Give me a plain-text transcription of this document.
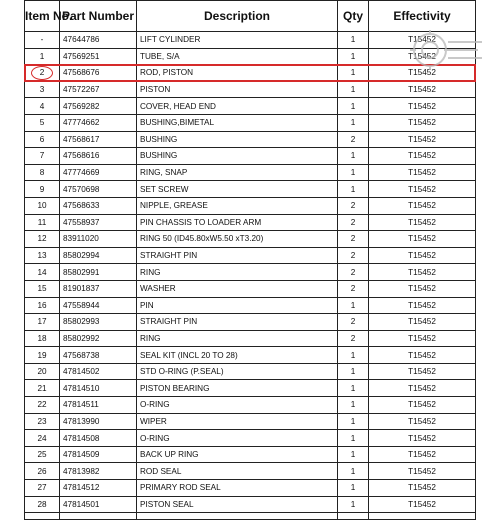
Item No.	Part Number	Description	Qty	Effectivity
-	47644786	LIFT CYLINDER	1	T15452
1	47569251	TUBE, S/A	1	T15452
2	47568676	ROD, PISTON	1	T15452
3	47572267	PISTON	1	T15452
4	47569282	COVER, HEAD END	1	T15452
5	47774662	BUSHING,BIMETAL	1	T15452
6	47568617	BUSHING	2	T15452
7	47568616	BUSHING	1	T15452
8	47774669	RING, SNAP	1	T15452
9	47570698	SET SCREW	1	T15452
10	47568633	NIPPLE, GREASE	2	T15452
11	47558937	PIN CHASSIS TO LOADER ARM	2	T15452
12	83911020	RING 50 (ID45.80xW5.50 xT3.20)	2	T15452
13	85802994	STRAIGHT PIN	2	T15452
14	85802991	RING	2	T15452
15	81901837	WASHER	2	T15452
16	47558944	PIN	1	T15452
17	85802993	STRAIGHT PIN	2	T15452
18	85802992	RING	2	T15452
19	47568738	SEAL KIT (INCL 20 TO 28)	1	T15452
20	47814502	STD O-RING (P.SEAL)	1	T15452
21	47814510	PISTON BEARING	1	T15452
22	47814511	O-RING	1	T15452
23	47813990	WIPER	1	T15452
24	47814508	O-RING	1	T15452
25	47814509	BACK UP RING	1	T15452
26	47813982	ROD SEAL	1	T15452
27	47814512	PRIMARY ROD SEAL	1	T15452
28	47814501	PISTON SEAL	1	T15452
